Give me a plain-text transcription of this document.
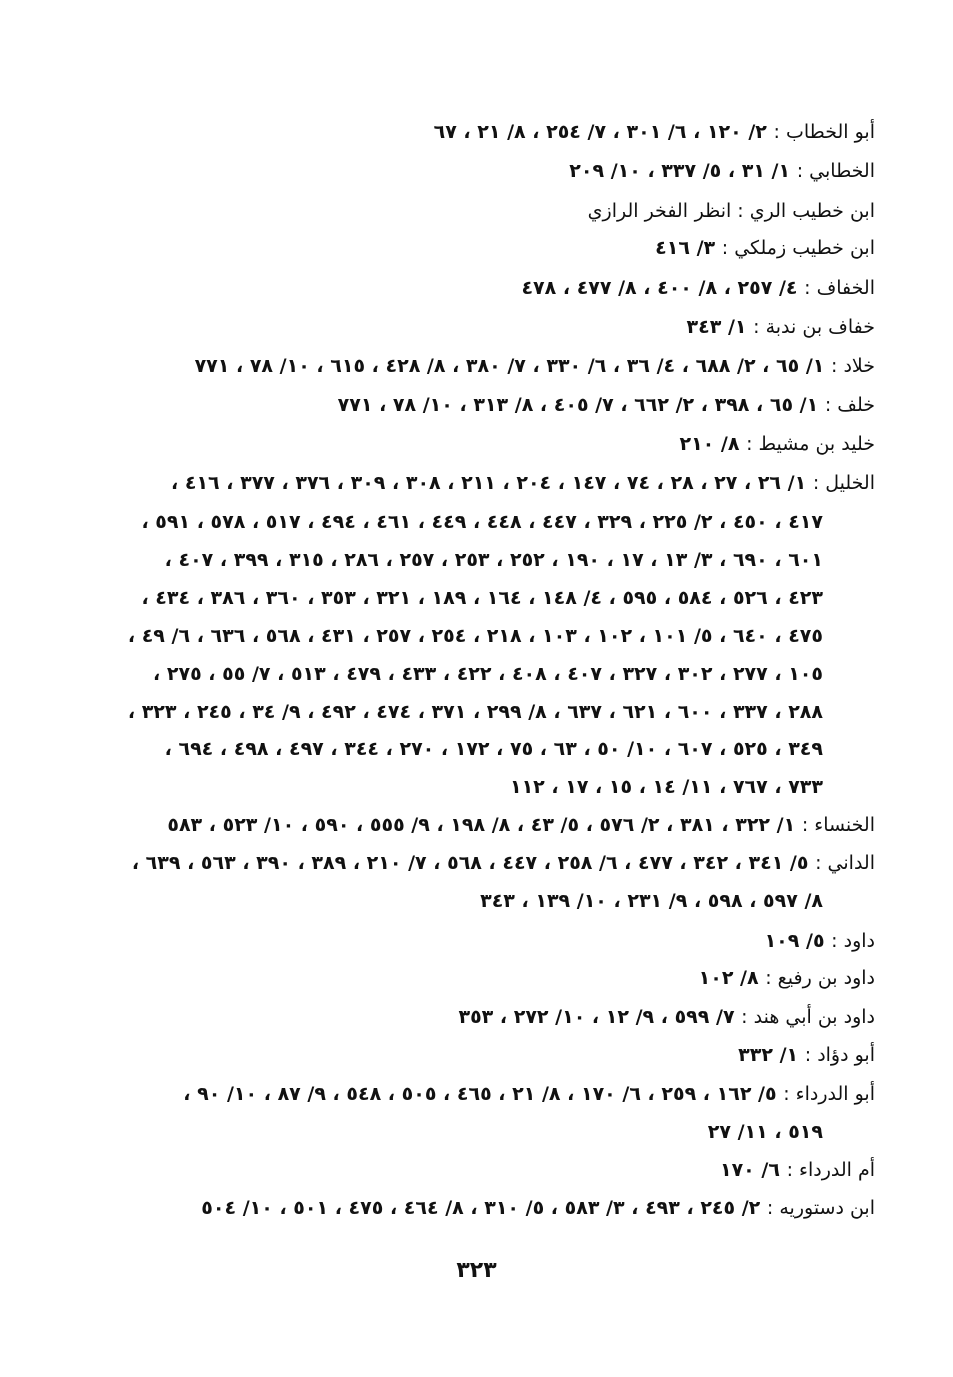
أبو الخطاب : ٢/ ١٢٠ ، ٦/ ٣٠١ ، ٧/ ٢٥٤ ، ٨/ ٢١ ، ٦٧
الخطابي : ١/ ٣١ ، ٥/ ٣٣٧ ، ١٠/ ٢٠٩
ابن خطيب الري : انظر الفخر الرازي
ابن خطيب زملكي : ٣/ ٤١٦
الخفاف : ٤/ ٢٥٧ ، ٨/ ٤٠٠ ، ٨/ ٤٧٧ ، ٤٧٨
خفاف بن ندبة : ١/ ٣٤٣
خلاد : ١/ ٦٥ ، ٢/ ٦٨٨ ، ٤/ ٣٦ ، ٦/ ٣٣٠ ، ٧/ ٣٨٠ ، ٨/ ٤٢٨ ، ٦١٥ ، ١٠/ ٧٨ ، ٧٧١
خلف : ١/ ٦٥ ، ٣٩٨ ، ٢/ ٦٦٢ ، ٧/ ٤٠٥ ، ٨/ ٣١٣ ، ١٠/ ٧٨ ، ٧٧١
خليد بن مشيط : ٨/ ٢١٠
الخليل : ١/ ٢٦ ، ٢٧ ، ٢٨ ، ٧٤ ، ١٤٧ ، ٢٠٤ ، ٢١١ ، ٣٠٨ ، ٣٠٩ ، ٣٧٦ ، ٣٧٧ ، ٤١٦ ،
٤١٧ ، ٤٥٠ ، ٢/ ٢٢٥ ، ٣٢٩ ، ٤٤٧ ، ٤٤٨ ، ٤٤٩ ، ٤٦١ ، ٤٩٤ ، ٥١٧ ، ٥٧٨ ، ٥٩١ ،
٦٠١ ، ٦٩٠ ، ٣/ ١٣ ، ١٧ ، ١٩٠ ، ٢٥٢ ، ٢٥٣ ، ٢٥٧ ، ٢٨٦ ، ٣١٥ ، ٣٩٩ ، ٤٠٧ ،
٤٢٣ ، ٥٢٦ ، ٥٨٤ ، ٥٩٥ ، ٤/ ١٤٨ ، ١٦٤ ، ١٨٩ ، ٣٢١ ، ٣٥٣ ، ٣٦٠ ، ٣٨٦ ، ٤٣٤ ،
٤٧٥ ، ٦٤٠ ، ٥/ ١٠١ ، ١٠٢ ، ١٠٣ ، ٢١٨ ، ٢٥٤ ، ٢٥٧ ، ٤٣١ ، ٥٦٨ ، ٦٣٦ ، ٦/ ٤٩ ،
١٠٥ ، ٢٧٧ ، ٣٠٢ ، ٣٢٧ ، ٤٠٧ ، ٤٠٨ ، ٤٢٢ ، ٤٣٣ ، ٤٧٩ ، ٥١٣ ، ٧/ ٥٥ ، ٢٧٥ ،
٢٨٨ ، ٣٣٧ ، ٦٠٠ ، ٦٢١ ، ٦٣٧ ، ٨/ ٢٩٩ ، ٣٧١ ، ٤٧٤ ، ٤٩٢ ، ٩/ ٣٤ ، ٢٤٥ ، ٣٢٣ ،
٣٤٩ ، ٥٢٥ ، ٦٠٧ ، ١٠/ ٥٠ ، ٦٣ ، ٧٥ ، ١٧٢ ، ٢٧٠ ، ٣٤٤ ، ٤٩٧ ، ٤٩٨ ، ٦٩٤ ،
٧٣٣ ، ٧٦٧ ، ١١/ ١٤ ، ١٥ ، ١٧ ، ١١٢
الخنساء : ١/ ٣٢٢ ، ٣٨١ ، ٢/ ٥٧٦ ، ٥/ ٤٣ ، ٨/ ١٩٨ ، ٩/ ٥٥٥ ، ٥٩٠ ، ١٠/ ٥٢٣ ، ٥٨٣
الداني : ٥/ ٣٤١ ، ٣٤٢ ، ٤٧٧ ، ٦/ ٢٥٨ ، ٤٤٧ ، ٥٦٨ ، ٧/ ٢١٠ ، ٣٨٩ ، ٣٩٠ ، ٥٦٣ ، ٦٣٩ ،
٨/ ٥٩٧ ، ٥٩٨ ، ٩/ ٢٣١ ، ١٠/ ١٣٩ ، ٣٤٣
داود : ٥/ ١٠٩
داود بن رفيع : ٨/ ١٠٢
داود بن أبي هند : ٧/ ٥٩٩ ، ٩/ ١٢ ، ١٠/ ٢٧٢ ، ٣٥٣
أبو دؤاد : ١/ ٣٣٢
أبو الدرداء : ٥/ ١٦٢ ، ٢٥٩ ، ٦/ ١٧٠ ، ٨/ ٢١ ، ٤٦٥ ، ٥٠٥ ، ٥٤٨ ، ٩/ ٨٧ ، ١٠/ ٩٠ ،
٥١٩ ، ١١/ ٢٧
أم الدرداء : ٦/ ١٧٠
ابن دستوريه : ٢/ ٢٤٥ ، ٤٩٣ ، ٣/ ٥٨٣ ، ٥/ ٣١٠ ، ٨/ ٤٦٤ ، ٤٧٥ ، ٥٠١ ، ١٠/ ٥٠٤
٣٢٣
